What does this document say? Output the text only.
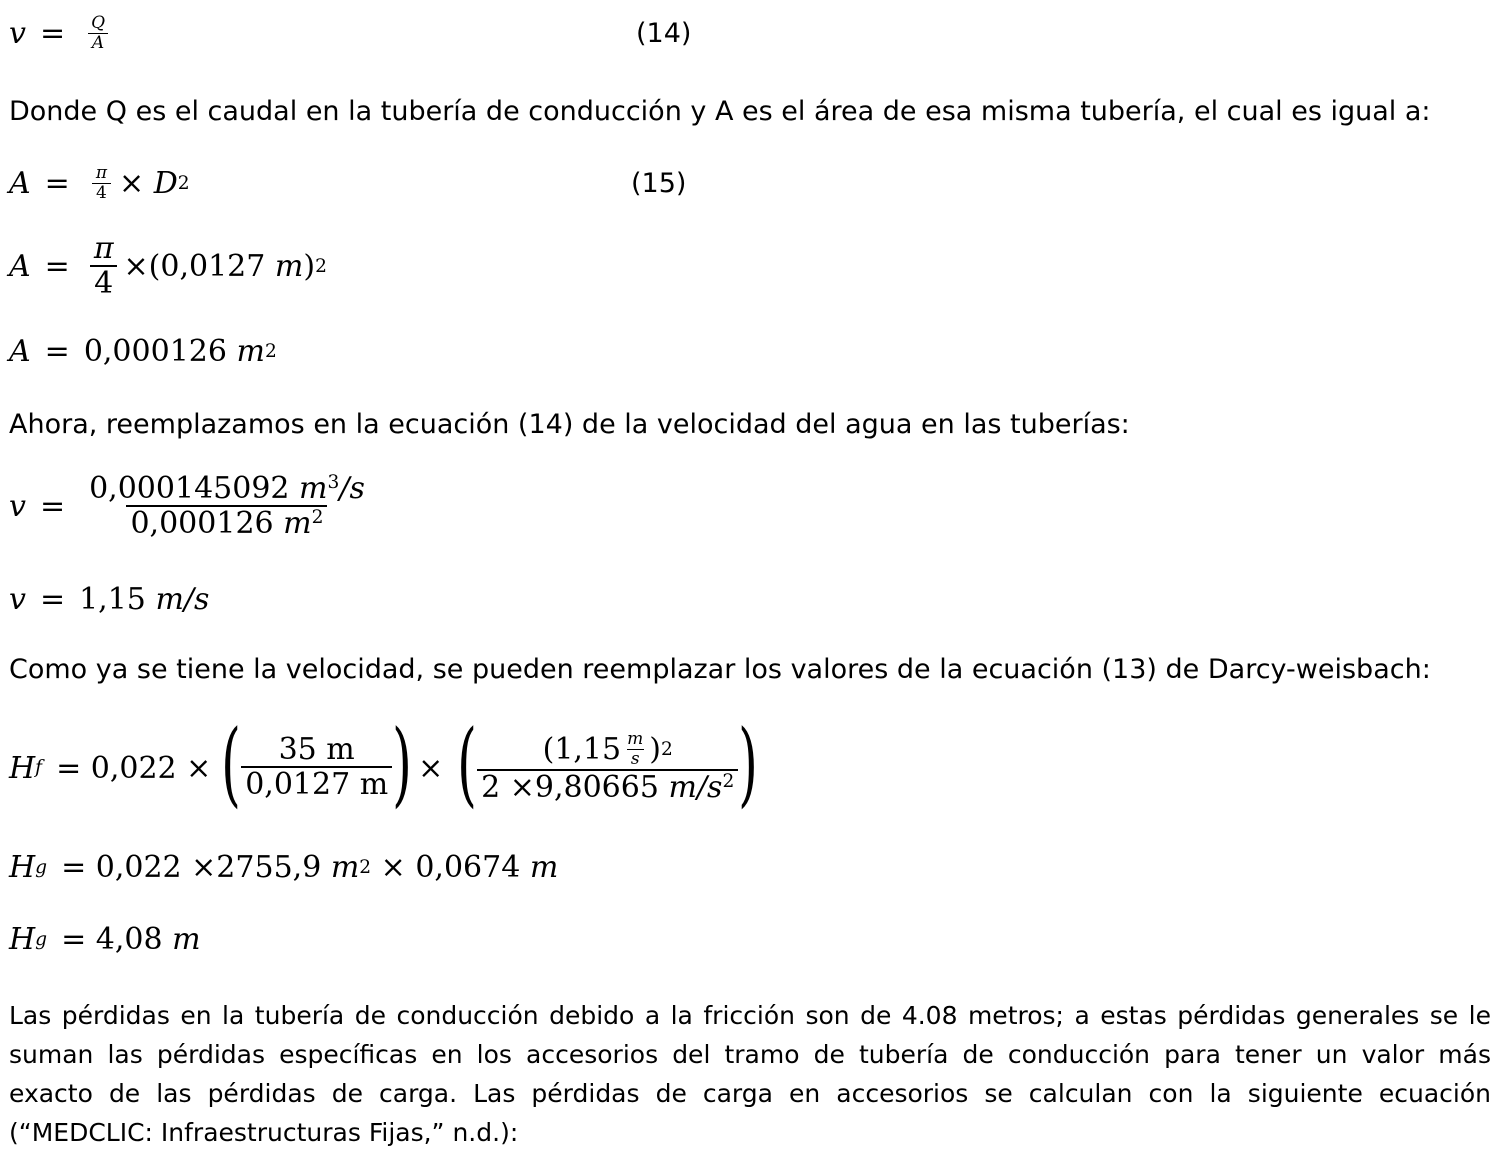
$v = \frac{Q}{A}$	(14)
Donde Q es el caudal en la tubería de conducción y A es el área de esa misma tubería, el cual es igual a:
$A = \frac{\pi}{4}$ ×
D 2	(15)
$A = \frac{\pi}{4} \times(0,0127$
m ) 2
A = 0,000126
m 2
Ahora, reemplazamos en la ecuación (14) de la velocidad del agua en las tuberías:
$v = \frac{0,000145092 m^3/s}{0,000126 m^2}$
v = 1,15
m/s
Como ya se tiene la velocidad, se pueden reemplazar los valores de la ecuación (13) de Darcy-weisbach:
H f = 0,022 × ( $\frac{35 m}{0,0127 m}$ ) × ( $\frac{(1,15 \frac{m}{s} ) 2}{2 \times 9,80665 m/s^2}$ )
H g = 0,022 ×2755,9
m 2
× 0,0674
m
H g = 4,08
m
Las pérdidas en la tubería de conducción debido a la fricción son de 4.08 metros; a estas pérdidas generales se le
suman las pérdidas específicas en los accesorios del tramo de tubería de conducción para tener un valor más
exacto de las pérdidas de carga. Las pérdidas de carga en accesorios se calculan con la siguiente ecuación
(“MEDCLIC: Infraestructuras Fijas,” n.d.):
